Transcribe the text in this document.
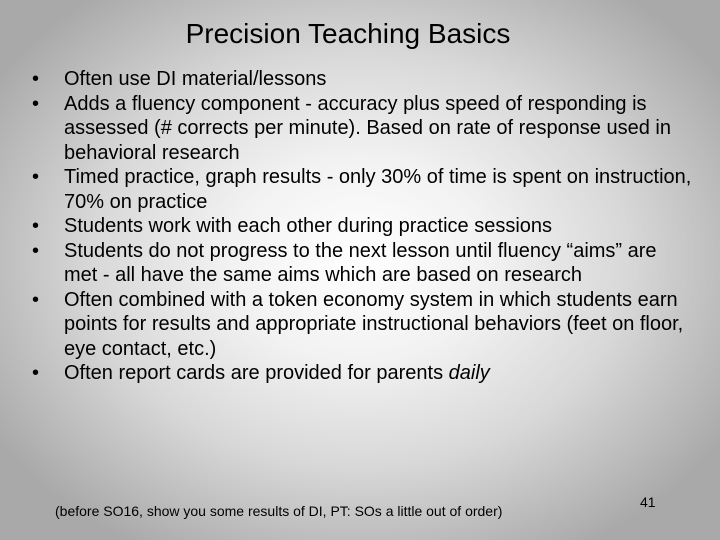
Precision Teaching Basics
•	Often use DI material/lessons
•	Adds a fluency component - accuracy plus speed of responding is assessed (# corrects per minute). Based on rate of response used in behavioral research
•	Timed practice, graph results - only 30% of time is spent on instruction, 70% on practice
•	Students work with each other during practice sessions
•	Students do not progress to the next lesson until fluency “aims” are met - all have the same aims which are based on research
•	Often combined with a token economy system in which students earn points for results and appropriate instructional behaviors (feet on floor, eye contact, etc.)
•	Often report cards are provided for parents daily
(before SO16, show you some results of DI, PT: SOs a little out of order)
41
